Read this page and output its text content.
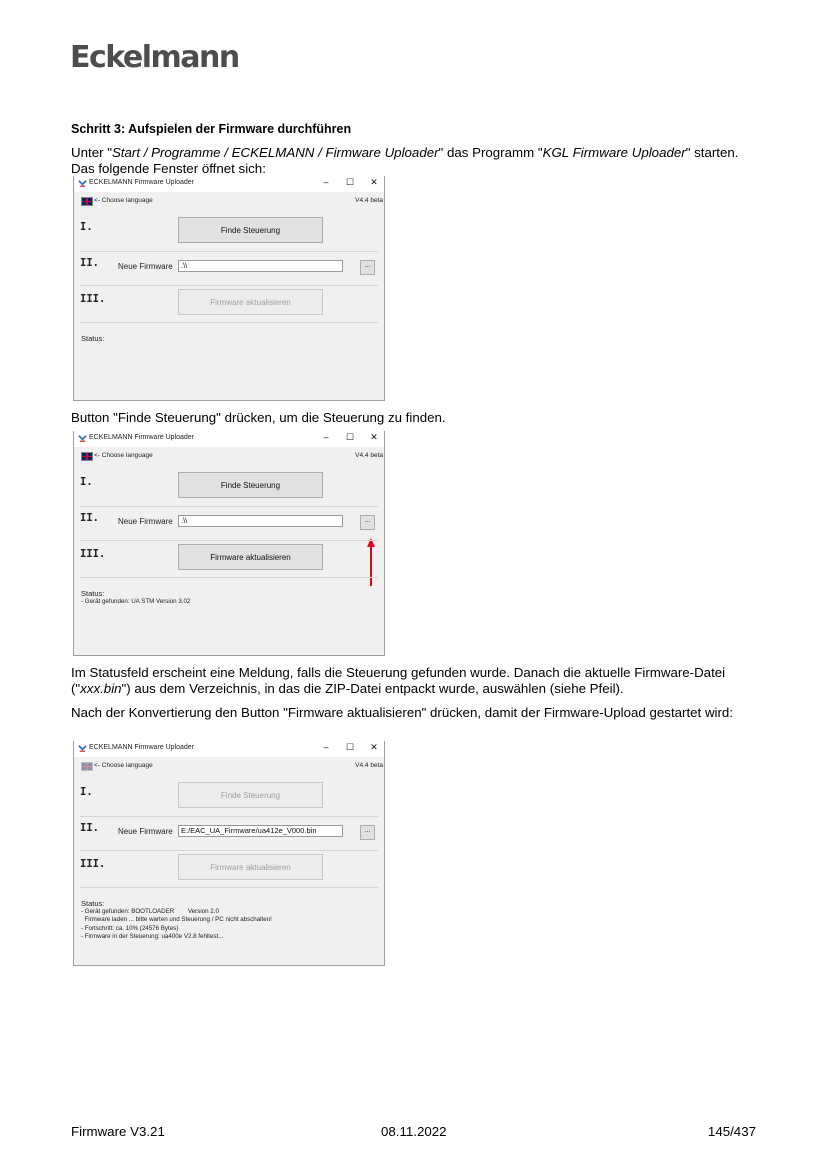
Eckelmann
Schritt 3: Aufspielen der Firmware durchführen
Unter "Start / Programme / ECKELMANN / Firmware Uploader" das Programm "KGL Firmware Uploader" starten. Das folgende Fenster öffnet sich:
ECKELMANN Firmware Uploader	–	☐ ✕
<- Choose language	V4.4 beta
I.	Finde Steuerung
II. Neue Firmware	.\\	...
III.	Firmware aktualisieren
Status:
Button "Finde Steuerung" drücken, um die Steuerung zu finden.
ECKELMANN Firmware Uploader	–	☐ ✕
<- Choose language	V4.4 beta
I.	Finde Steuerung
II. Neue Firmware	.\\	...
III.	Firmware aktualisieren
Status:
- Gerät gefunden: UA STM Version 3.02
Im Statusfeld erscheint eine Meldung, falls die Steuerung gefunden wurde. Danach die aktuelle Firmware-Datei ("xxx.bin") aus dem Verzeichnis, in das die ZIP-Datei entpackt wurde, auswählen (siehe Pfeil).
Nach der Konvertierung den Button "Firmware aktualisieren" drücken, damit der Firmware-Upload gestartet wird:
ECKELMANN Firmware Uploader	–	☐ ✕
<- Choose language	V4.4 beta
I.	Finde Steuerung
II. Neue Firmware	E:/EAC_UA_Firmware/ua412e_V000.bin	...
III.	Firmware aktualisieren
Status:
- Gerät gefunden: BOOTLOADER        Version 2.0
Firmware laden ... bitte warten und Steuerung / PC nicht abschalten!
- Fortschritt: ca. 10% (24576 Bytes)
- Firmware in der Steuerung: ua400e V2.8 fehltest...
Firmware V3.21	08.11.2022	145/437
